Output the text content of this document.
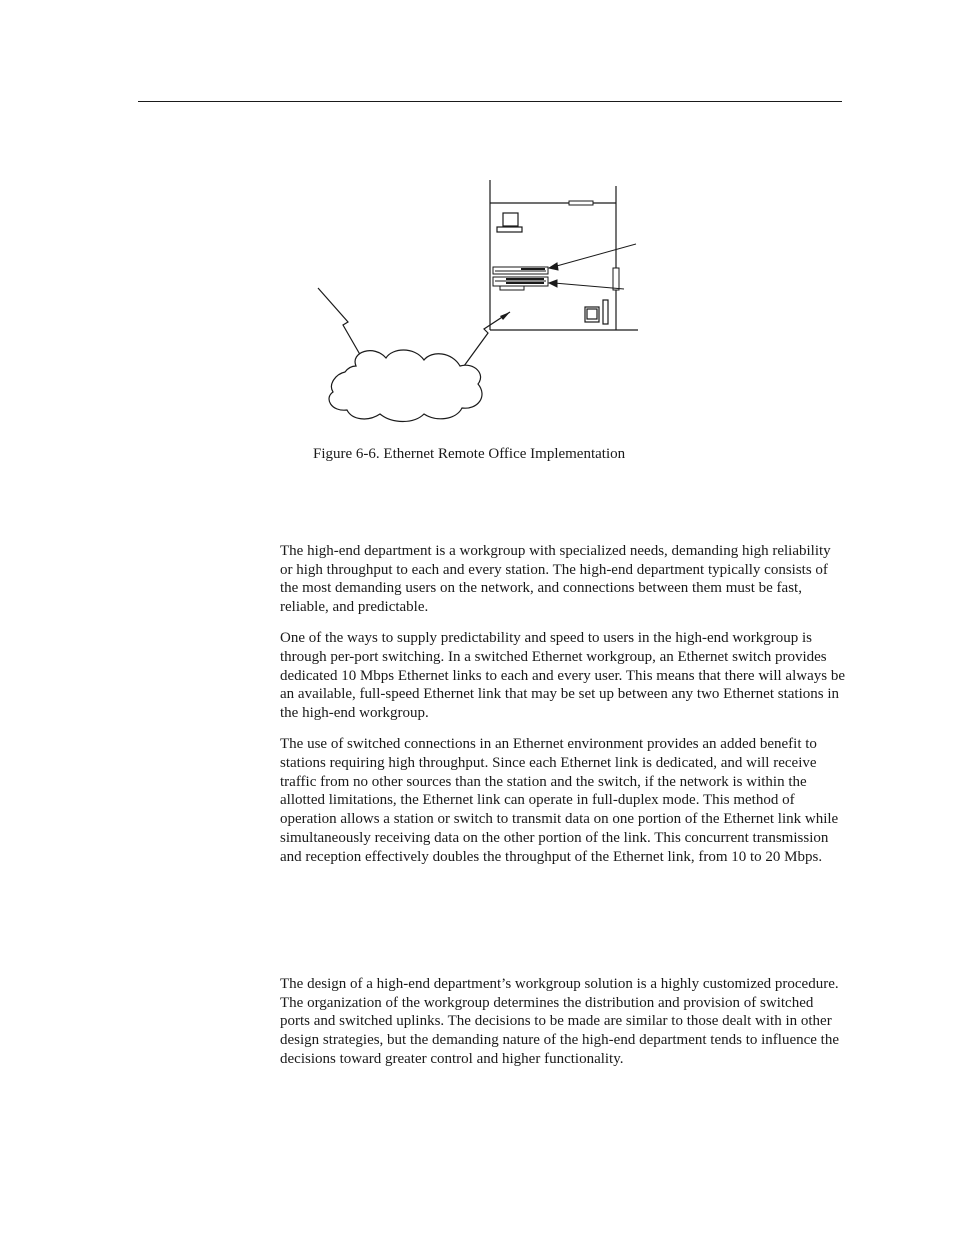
Figure 6-6. Ethernet Remote Office Implementation

The high-end department is a workgroup with specialized needs, demanding high reliability or high throughput to each and every station. The high-end department typically consists of the most demanding users on the network, and connections between them must be fast, reliable, and predictable.

One of the ways to supply predictability and speed to users in the high-end workgroup is through per-port switching. In a switched Ethernet workgroup, an Ethernet switch provides dedicated 10 Mbps Ethernet links to each and every user. This means that there will always be an available, full-speed Ethernet link that may be set up between any two Ethernet stations in the high-end workgroup.

The use of switched connections in an Ethernet environment provides an added benefit to stations requiring high throughput. Since each Ethernet link is dedicated, and will receive traffic from no other sources than the station and the switch, if the network is within the allotted limitations, the Ethernet link can operate in full-duplex mode. This method of operation allows a station or switch to transmit data on one portion of the Ethernet link while simultaneously receiving data on the other portion of the link. This concurrent transmission and reception effectively doubles the throughput of the Ethernet link, from 10 to 20 Mbps.

The design of a high-end department’s workgroup solution is a highly customized procedure. The organization of the workgroup determines the distribution and provision of switched ports and switched uplinks. The decisions to be made are similar to those dealt with in other design strategies, but the demanding nature of the high-end department tends to influence the decisions toward greater control and higher functionality.
